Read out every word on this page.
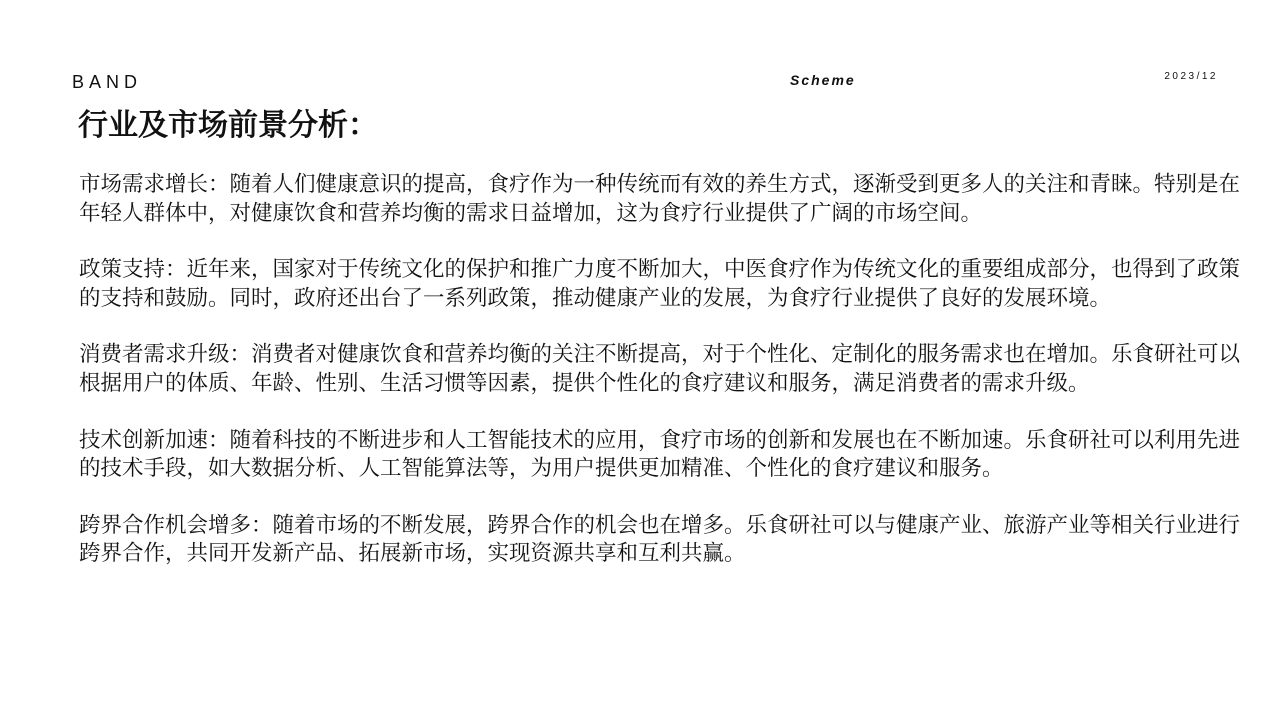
BAND	Scheme	2023/12
行业及市场前景分析：

市场需求增长：随着人们健康意识的提高，食疗作为一种传统而有效的养生方式，逐渐受到更多人的关注和青睐。特别是在年轻人群体中，对健康饮食和营养均衡的需求日益增加，这为食疗行业提供了广阔的市场空间。

政策支持：近年来，国家对于传统文化的保护和推广力度不断加大，中医食疗作为传统文化的重要组成部分，也得到了政策的支持和鼓励。同时，政府还出台了一系列政策，推动健康产业的发展，为食疗行业提供了良好的发展环境。

消费者需求升级：消费者对健康饮食和营养均衡的关注不断提高，对于个性化、定制化的服务需求也在增加。乐食研社可以根据用户的体质、年龄、性别、生活习惯等因素，提供个性化的食疗建议和服务，满足消费者的需求升级。

技术创新加速：随着科技的不断进步和人工智能技术的应用，食疗市场的创新和发展也在不断加速。乐食研社可以利用先进的技术手段，如大数据分析、人工智能算法等，为用户提供更加精准、个性化的食疗建议和服务。

跨界合作机会增多：随着市场的不断发展，跨界合作的机会也在增多。乐食研社可以与健康产业、旅游产业等相关行业进行跨界合作，共同开发新产品、拓展新市场，实现资源共享和互利共赢。
